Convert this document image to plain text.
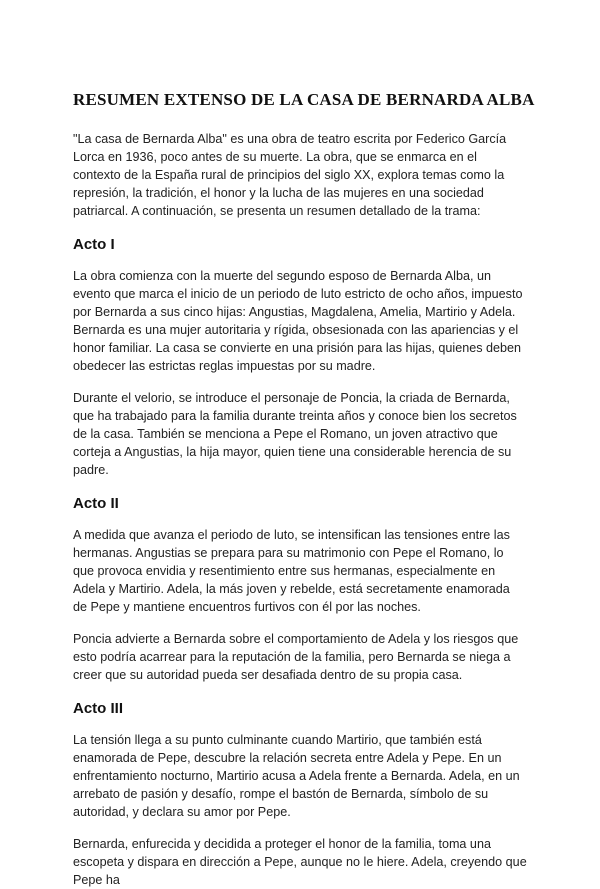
RESUMEN EXTENSO DE LA CASA DE BERNARDA ALBA

"La casa de Bernarda Alba" es una obra de teatro escrita por Federico García Lorca en 1936, poco antes de su muerte. La obra, que se enmarca en el contexto de la España rural de principios del siglo XX, explora temas como la represión, la tradición, el honor y la lucha de las mujeres en una sociedad patriarcal. A continuación, se presenta un resumen detallado de la trama:

Acto I

La obra comienza con la muerte del segundo esposo de Bernarda Alba, un evento que marca el inicio de un periodo de luto estricto de ocho años, impuesto por Bernarda a sus cinco hijas: Angustias, Magdalena, Amelia, Martirio y Adela. Bernarda es una mujer autoritaria y rígida, obsesionada con las apariencias y el honor familiar. La casa se convierte en una prisión para las hijas, quienes deben obedecer las estrictas reglas impuestas por su madre.

Durante el velorio, se introduce el personaje de Poncia, la criada de Bernarda, que ha trabajado para la familia durante treinta años y conoce bien los secretos de la casa. También se menciona a Pepe el Romano, un joven atractivo que corteja a Angustias, la hija mayor, quien tiene una considerable herencia de su padre.

Acto II

A medida que avanza el periodo de luto, se intensifican las tensiones entre las hermanas. Angustias se prepara para su matrimonio con Pepe el Romano, lo que provoca envidia y resentimiento entre sus hermanas, especialmente en Adela y Martirio. Adela, la más joven y rebelde, está secretamente enamorada de Pepe y mantiene encuentros furtivos con él por las noches.

Poncia advierte a Bernarda sobre el comportamiento de Adela y los riesgos que esto podría acarrear para la reputación de la familia, pero Bernarda se niega a creer que su autoridad pueda ser desafiada dentro de su propia casa.

Acto III

La tensión llega a su punto culminante cuando Martirio, que también está enamorada de Pepe, descubre la relación secreta entre Adela y Pepe. En un enfrentamiento nocturno, Martirio acusa a Adela frente a Bernarda. Adela, en un arrebato de pasión y desafío, rompe el bastón de Bernarda, símbolo de su autoridad, y declara su amor por Pepe.

Bernarda, enfurecida y decidida a proteger el honor de la familia, toma una escopeta y dispara en dirección a Pepe, aunque no le hiere. Adela, creyendo que Pepe ha
